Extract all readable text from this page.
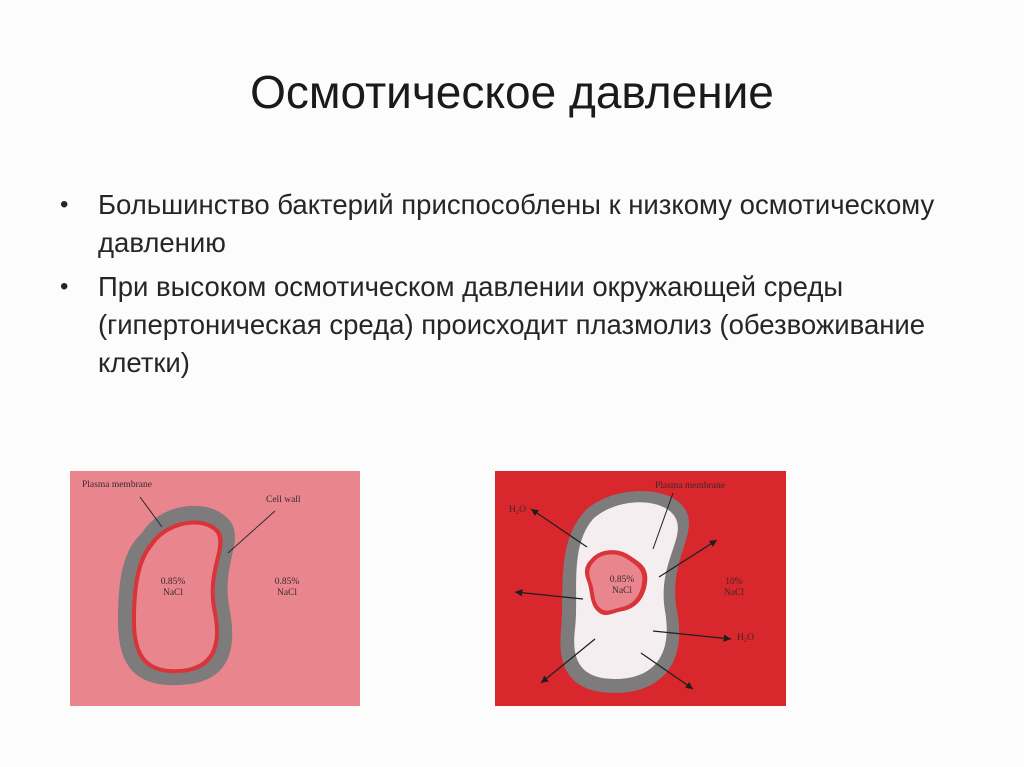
Осмотическое давление
• Большинство бактерий приспособлены к низкому осмотическому давлению
• При высоком осмотическом давлении окружающей среды (гипертоническая среда) происходит плазмолиз (обезвоживание клетки)
Plasma membrane
Cell wall
0.85%
NaCl
0.85%
NaCl
Plasma membrane
H₂O
H₂O
0.85%
NaCl
10%
NaCl
